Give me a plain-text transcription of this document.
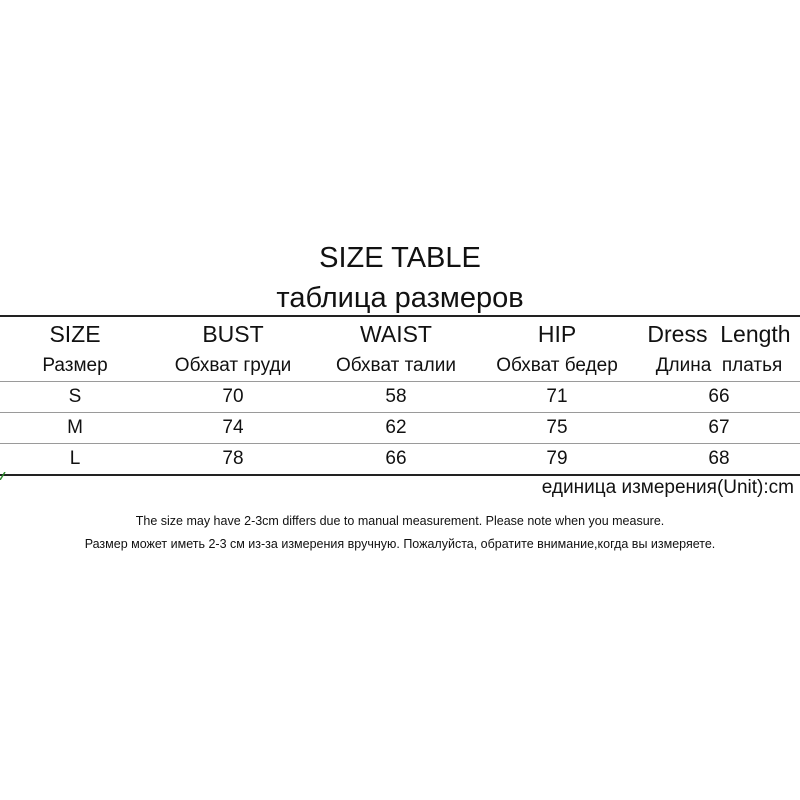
SIZE TABLE
таблица размеров
SIZE	BUST	WAIST	HIP	Dress  Length
Размер	Обхват груди	Обхват талии	Обхват бедер	Длина  платья
S	70	58	71	66
M	74	62	75	67
L	78	66	79	68
единица измерения(Unit):cm
The size may have 2-3cm differs due to manual measurement. Please note when you measure.
Размер может иметь 2-3 см из-за измерения вручную. Пожалуйста, обратите внимание,когда вы измеряете.
